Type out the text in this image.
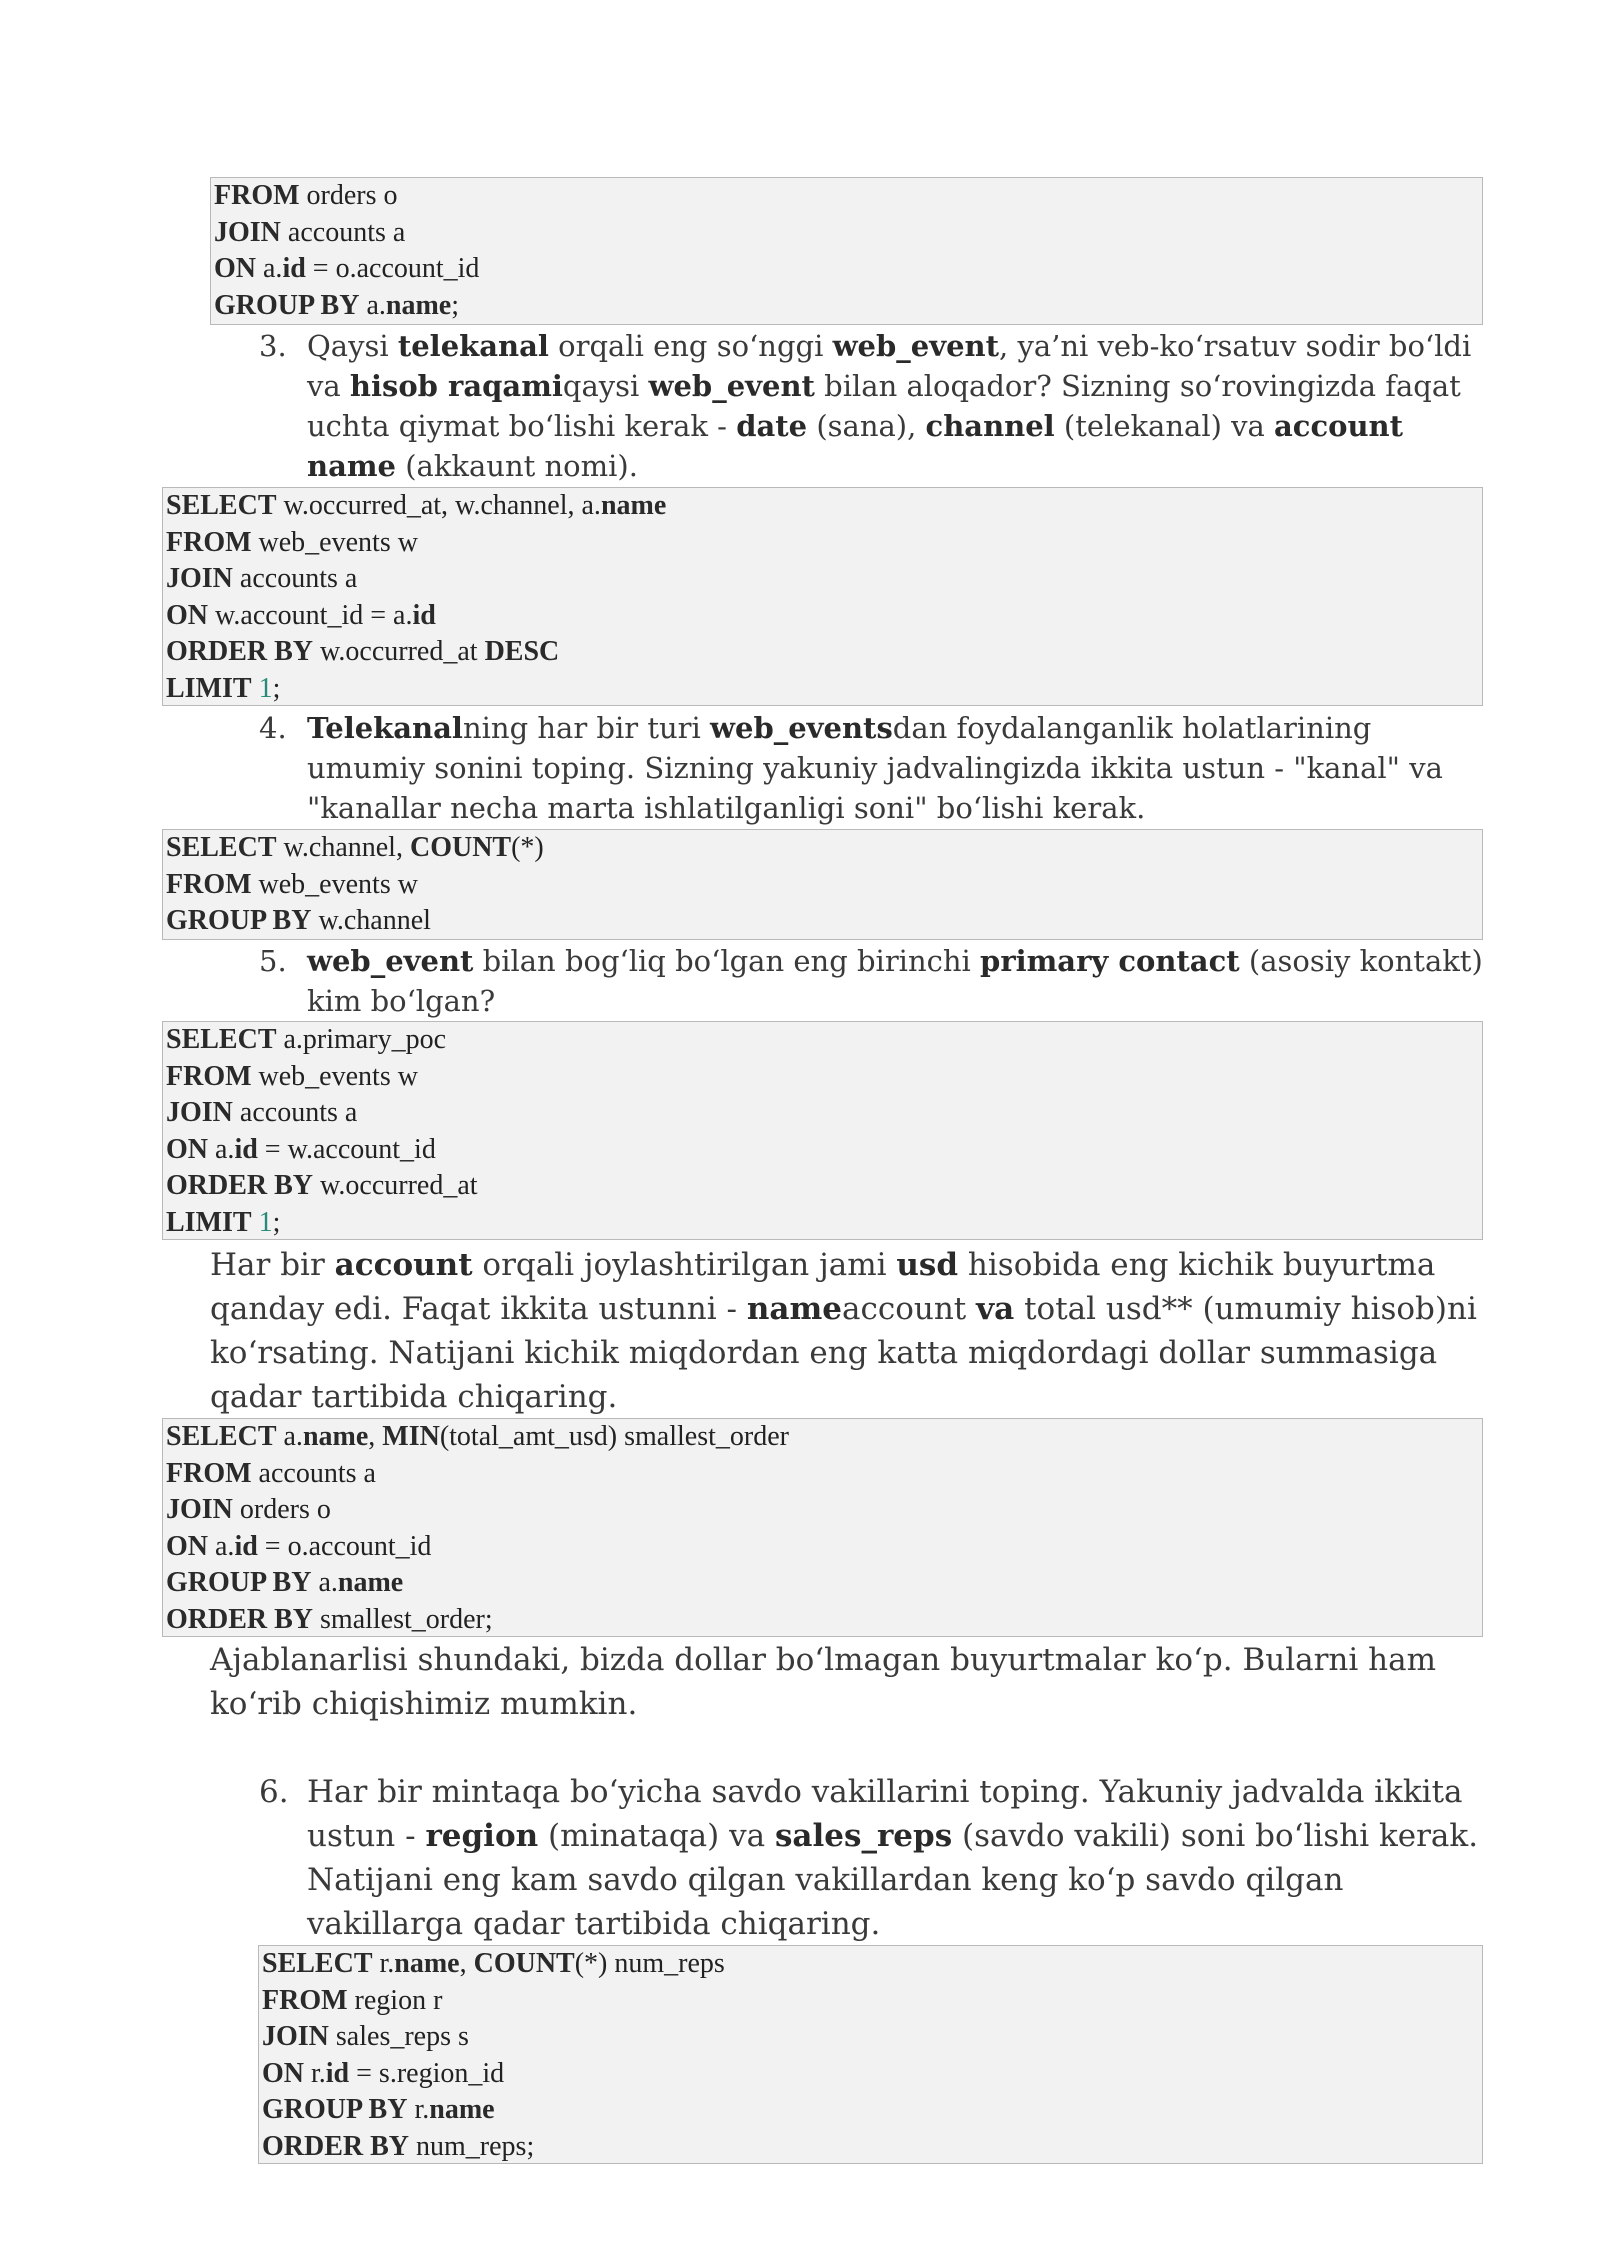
FROM orders o
JOIN accounts a
ON a.id = o.account_id
GROUP BY a.name;
3. Qaysi telekanal orqali eng so‘nggi web_event, ya’ni veb-ko‘rsatuv sodir bo‘ldi va hisob raqamiqaysi web_event bilan aloqador? Sizning so‘rovingizda faqat uchta qiymat bo‘lishi kerak - date (sana), channel (telekanal) va account name (akkaunt nomi).
SELECT w.occurred_at, w.channel, a.name
FROM web_events w
JOIN accounts a
ON w.account_id = a.id
ORDER BY w.occurred_at DESC
LIMIT 1;
4. Telekanalning har bir turi web_eventsdan foydalanganlik holatlarining umumiy sonini toping. Sizning yakuniy jadvalingizda ikkita ustun - "kanal" va "kanallar necha marta ishlatilganligi soni" bo‘lishi kerak.
SELECT w.channel, COUNT(*)
FROM web_events w
GROUP BY w.channel
5. web_event bilan bog‘liq bo‘lgan eng birinchi primary contact (asosiy kontakt) kim bo‘lgan?
SELECT a.primary_poc
FROM web_events w
JOIN accounts a
ON a.id = w.account_id
ORDER BY w.occurred_at
LIMIT 1;
Har bir account orqali joylashtirilgan jami usd hisobida eng kichik buyurtma qanday edi. Faqat ikkita ustunni - nameaccount va total usd** (umumiy hisob)ni ko‘rsating. Natijani kichik miqdordan eng katta miqdordagi dollar summasiga qadar tartibida chiqaring.
SELECT a.name, MIN(total_amt_usd) smallest_order
FROM accounts a
JOIN orders o
ON a.id = o.account_id
GROUP BY a.name
ORDER BY smallest_order;
Ajablanarlisi shundaki, bizda dollar bo‘lmagan buyurtmalar ko‘p. Bularni ham ko‘rib chiqishimiz mumkin.
6. Har bir mintaqa bo‘yicha savdo vakillarini toping. Yakuniy jadvalda ikkita ustun - region (minataqa) va sales_reps (savdo vakili) soni bo‘lishi kerak. Natijani eng kam savdo qilgan vakillardan keng ko‘p savdo qilgan vakillarga qadar tartibida chiqaring.
SELECT r.name, COUNT(*) num_reps
FROM region r
JOIN sales_reps s
ON r.id = s.region_id
GROUP BY r.name
ORDER BY num_reps;
